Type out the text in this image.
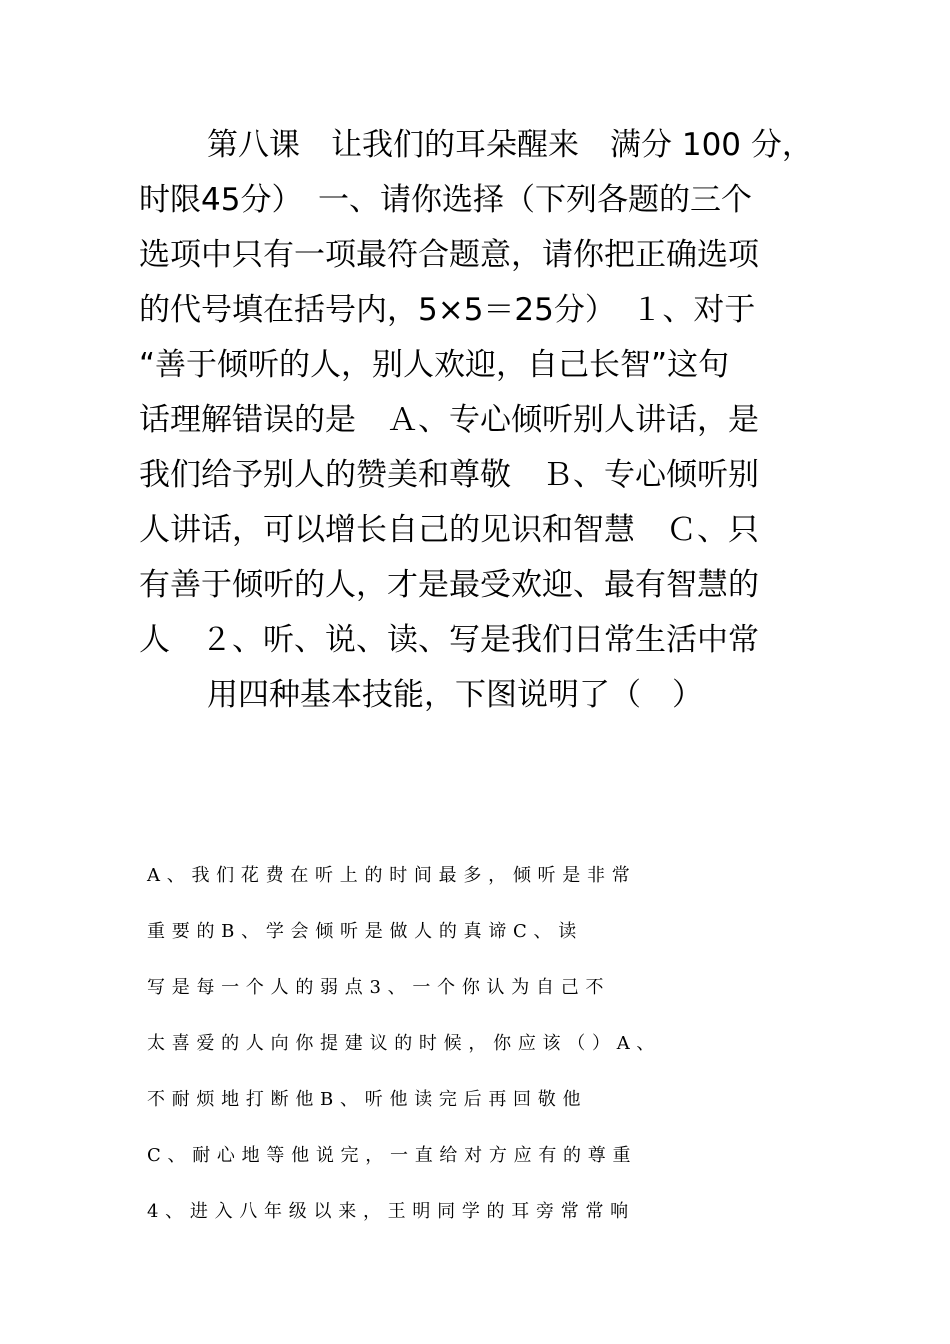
第八课　让我们的耳朵醒来　满分 100 分，
时限45分）　一、请你选择（下列各题的三个
选项中只有一项最符合题意，请你把正确选项
的代号填在括号内，5×5＝25分）　１、对于
“善于倾听的人，别人欢迎，自己长智”这句
话理解错误的是　Ａ、专心倾听别人讲话，是
我们给予别人的赞美和尊敬　Ｂ、专心倾听别
人讲话，可以增长自己的见识和智慧　Ｃ、只
有善于倾听的人，才是最受欢迎、最有智慧的
人　２、听、说、读、写是我们日常生活中常
用四种基本技能，下图说明了（　）
A 、 我 们 花 费 在 听 上 的 时 间 最 多 ， 倾 听 是 非 常
重 要 的 B 、 学 会 倾 听 是 做 人 的 真 谛 C 、 读
写 是 每 一 个 人 的 弱 点 3 、 一 个 你 认 为 自 己 不
太 喜 爱 的 人 向 你 提 建 议 的 时 候 ， 你 应 该 （ ） A 、
不 耐 烦 地 打 断 他 B 、 听 他 读 完 后 再 回 敬 他
C 、 耐 心 地 等 他 说 完 ， 一 直 给 对 方 应 有 的 尊 重
4 、 进 入 八 年 级 以 来 ， 王 明 同 学 的 耳 旁 常 常 响
